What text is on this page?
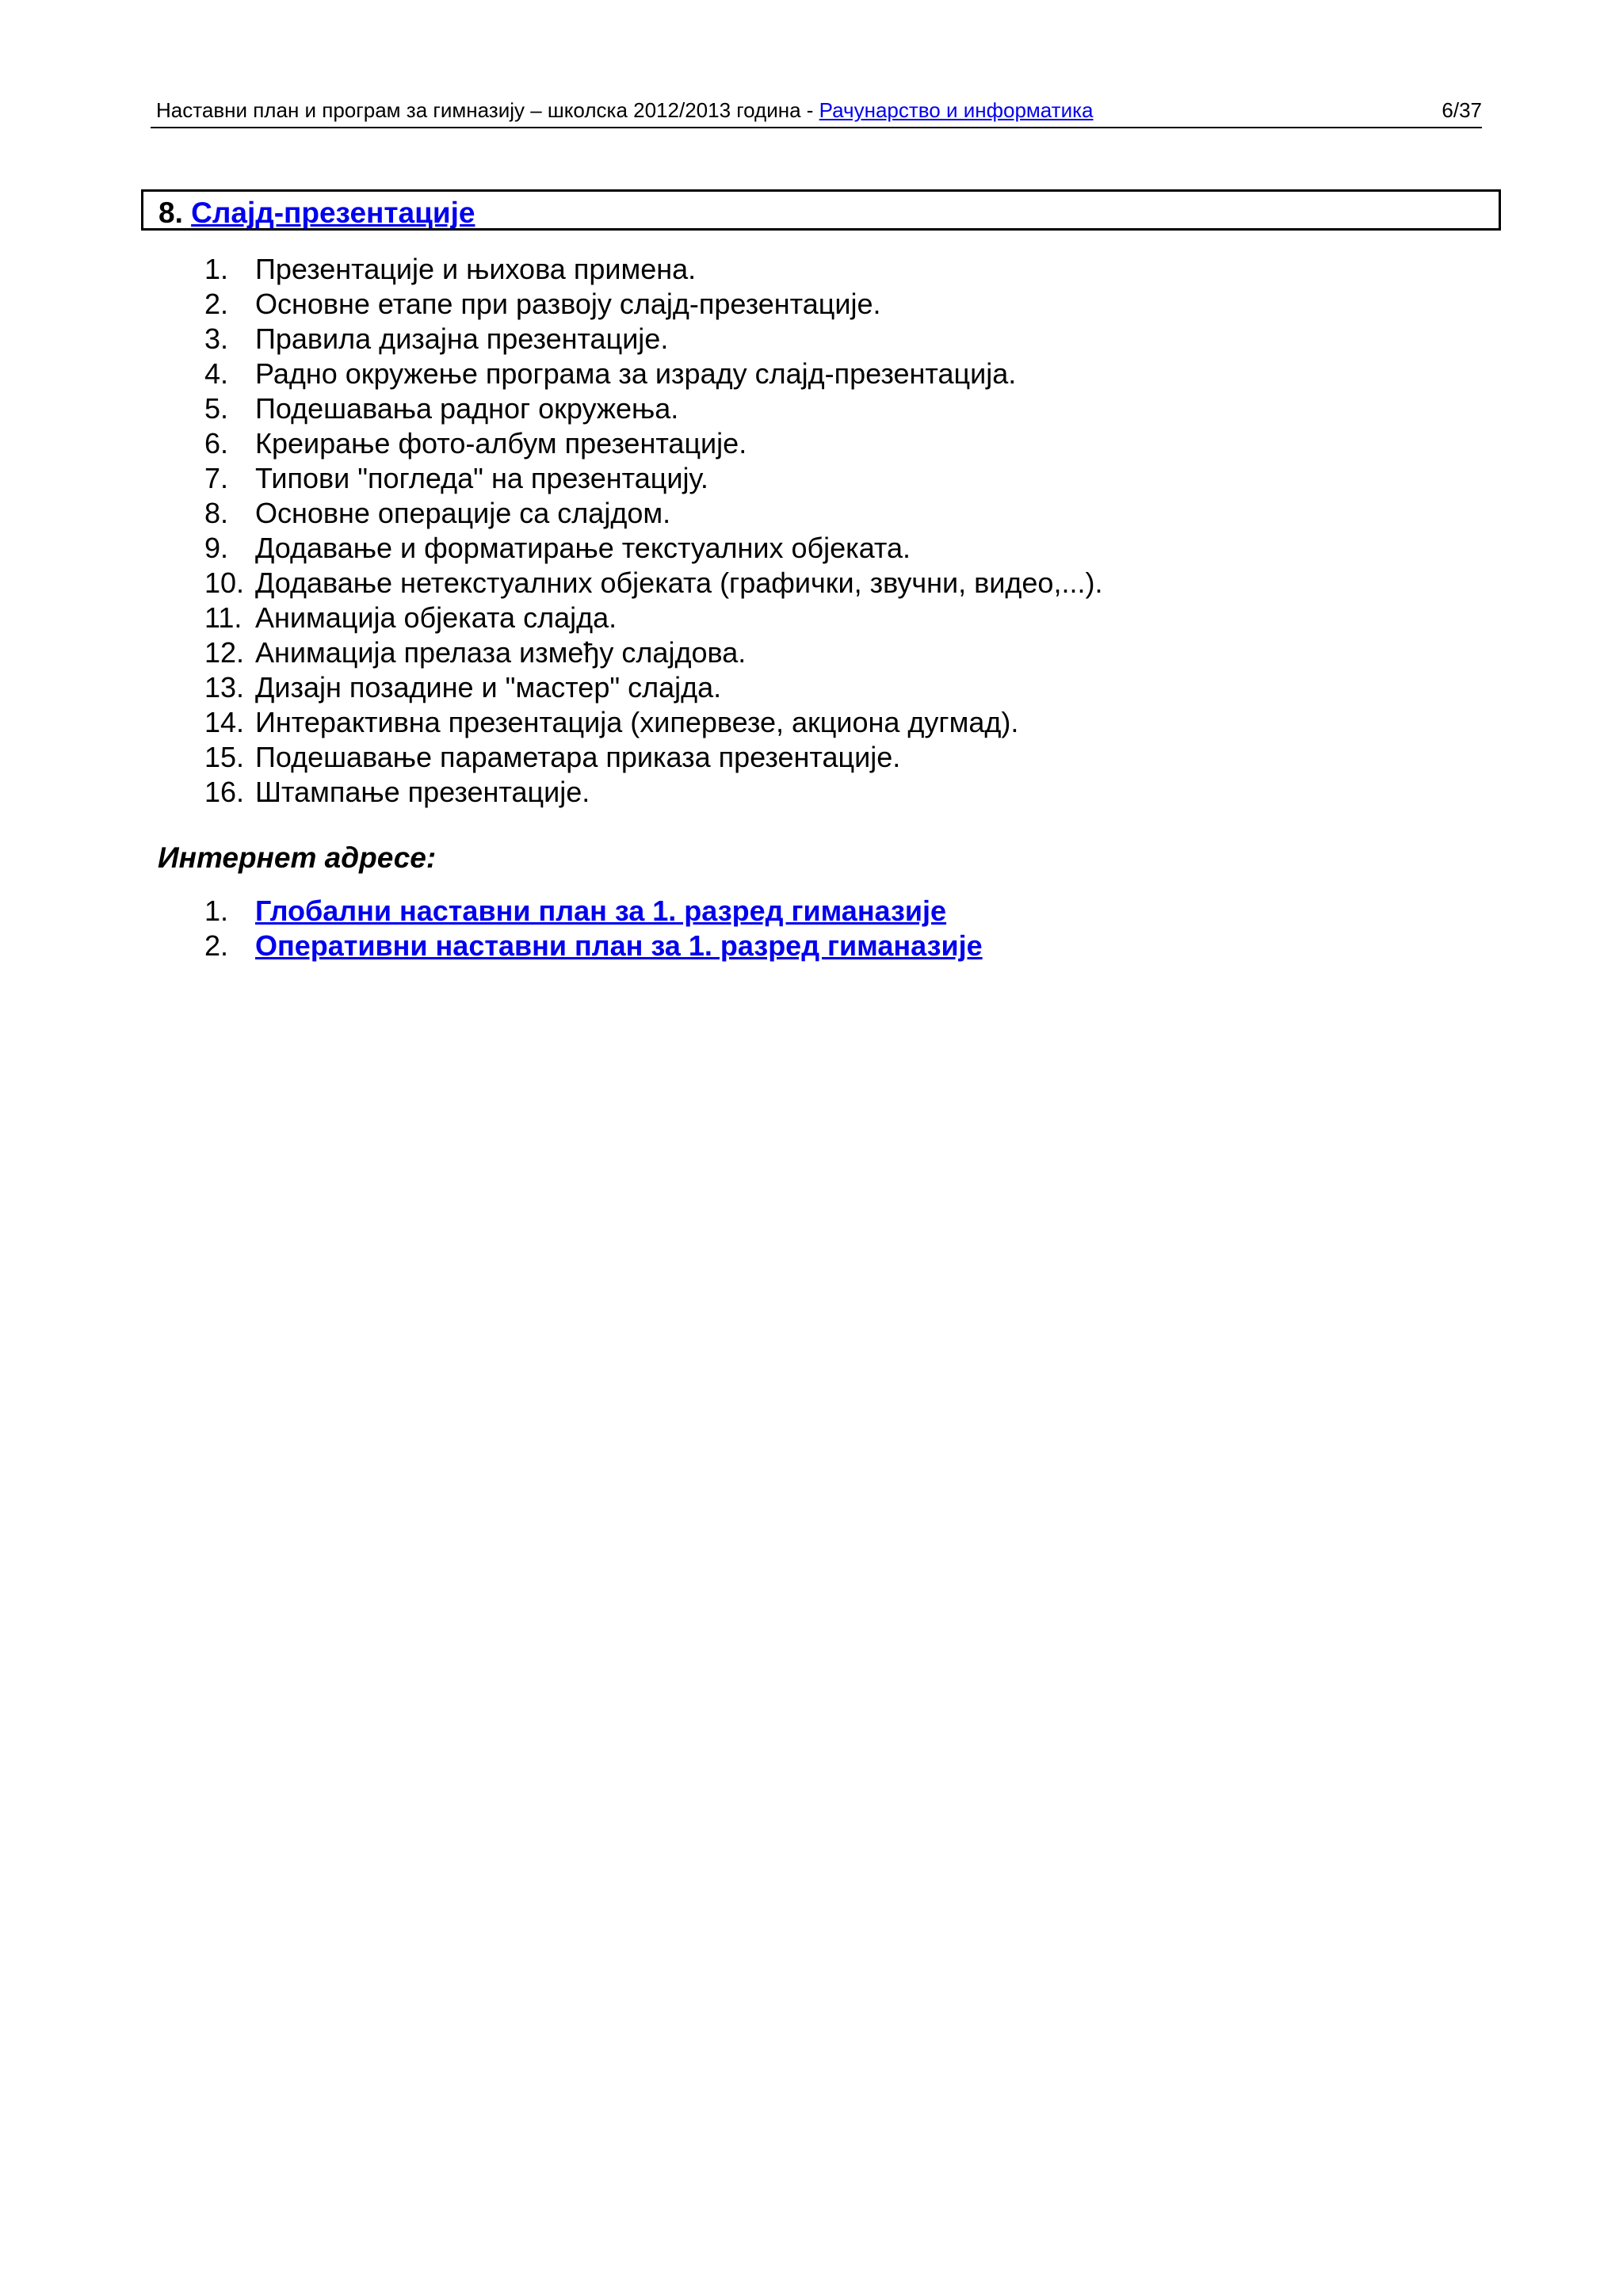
Наставни план и програм за гимназију – школска 2012/2013 година - Рачунарство и информатика	6/37
8. Слајд-презентације
1. Презентације и њихова примена.
2. Основне етапе при развоју слајд-презентације.
3. Правила дизајна презентације.
4. Радно окружење програма за израду слајд-презентација.
5. Подешавања радног окружења.
6. Креирање фото-албум презентације.
7. Типови "погледа" на презентацију.
8. Основне операције са слајдом.
9. Додавање и форматирање текстуалних објеката.
10. Додавање нетекстуалних објеката (графички, звучни, видео,...).
11. Анимација објеката слајда.
12. Анимација прелаза између слајдова.
13. Дизајн позадине и "мастер" слајда.
14. Интерактивна презентација (хипервезе, акциона дугмад).
15. Подешавање параметара приказа презентације.
16. Штампање презентације.
Интернет адресе:
1. Глобални наставни план за 1. разред гиманазије
2. Оперативни наставни план за 1. разред гиманазије
